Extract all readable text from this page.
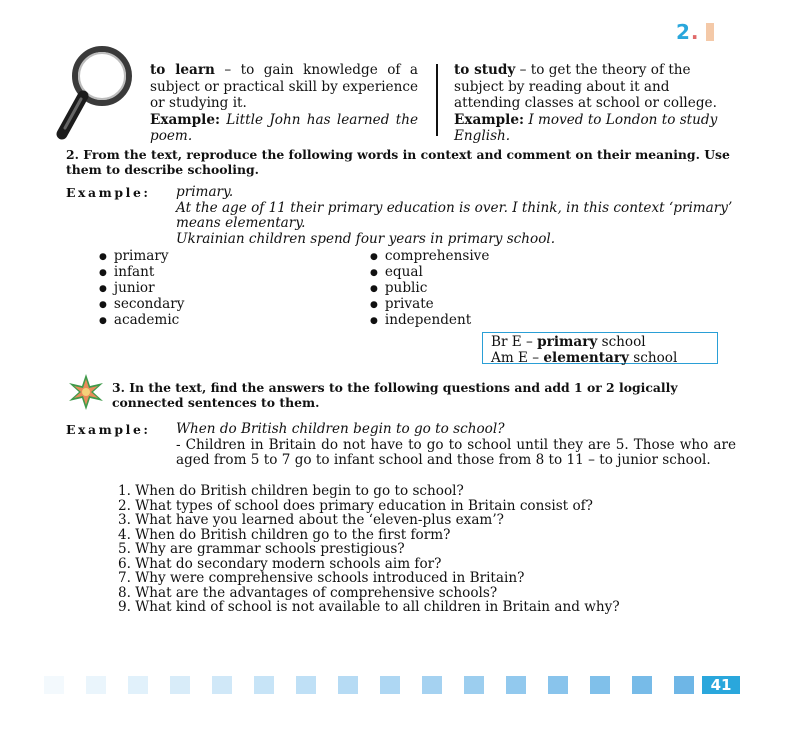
2.
to learn – to gain knowledge of a subject or practical skill by experience or studying it.
Example: Little John has learned the poem.
to study – to get the theory of the subject by reading about it and attending classes at school or college.
Example: I moved to London to study English.
2. From the text, reproduce the following words in context and comment on their meaning. Use them to describe schooling.
Example: primary.
At the age of 11 their primary education is over. I think, in this context ‘primary’ means elementary.
Ukrainian children spend four years in primary school.
● primary
● infant
● junior
● secondary
● academic
● comprehensive
● equal
● public
● private
● independent
Br E – primary school
Am E – elementary school
3. In the text, find the answers to the following questions and add 1 or 2 logically connected sentences to them.
Example: When do British children begin to go to school?
- Children in Britain do not have to go to school until they are 5. Those who are aged from 5 to 7 go to infant school and those from 8 to 11 – to junior school.
1. When do British children begin to go to school?
2. What types of school does primary education in Britain consist of?
3. What have you learned about the ‘eleven-plus exam’?
4. When do British children go to the first form?
5. Why are grammar schools prestigious?
6. What do secondary modern schools aim for?
7. Why were comprehensive schools introduced in Britain?
8. What are the advantages of comprehensive schools?
9. What kind of school is not available to all children in Britain and why?
41
